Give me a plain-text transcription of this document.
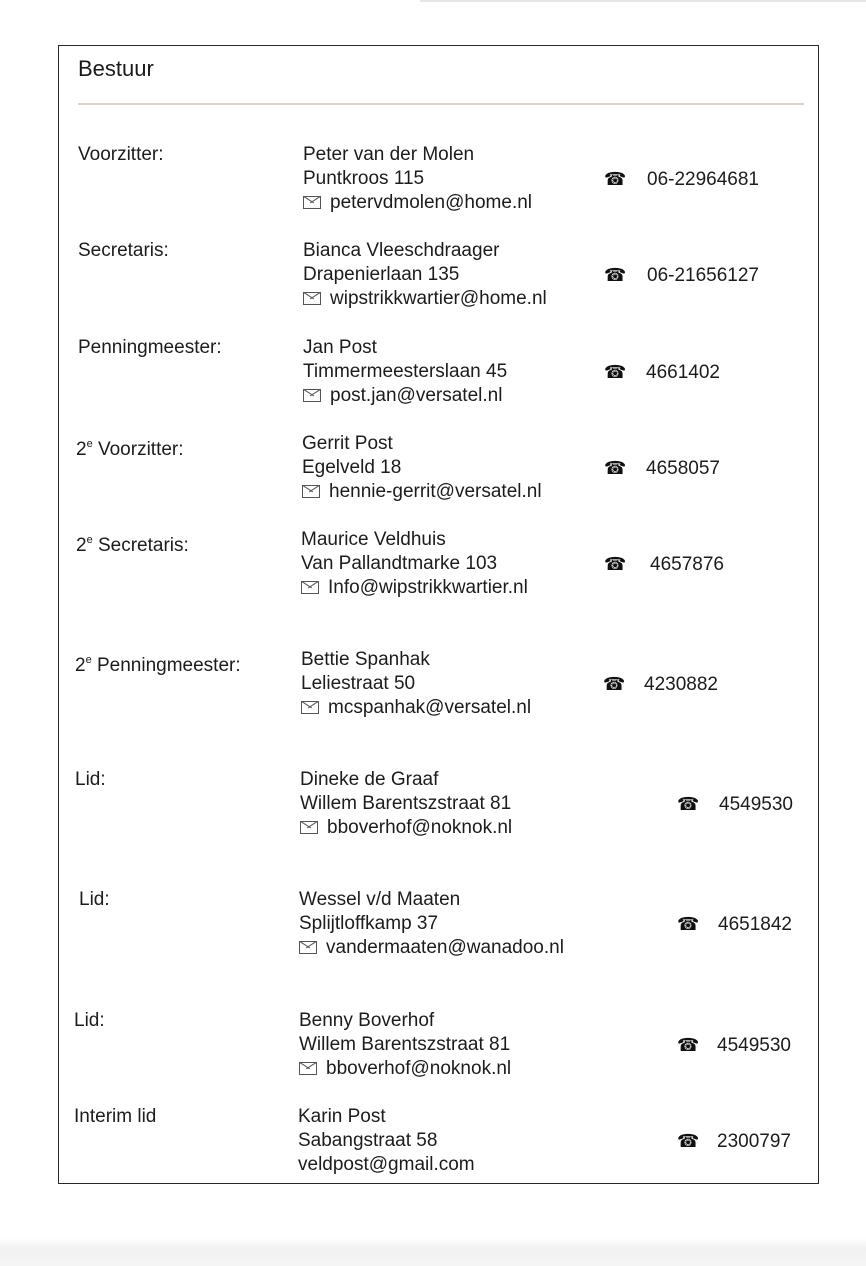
Bestuur
Voorzitter:	Peter van der Molen
Puntkroos 115
petervdmolen@home.nl
☎ 06-22964681
Secretaris:	Bianca Vleeschdraager
Drapenierlaan 135
wipstrikkwartier@home.nl
☎ 06-21656127
Penningmeester:	Jan Post
Timmermeesterslaan 45
post.jan@versatel.nl
☎ 4661402
2e Voorzitter:	Gerrit Post
Egelveld 18
hennie-gerrit@versatel.nl
☎ 4658057
2e Secretaris:	Maurice Veldhuis
Van Pallandtmarke 103
Info@wipstrikkwartier.nl
☎ 4657876
2e Penningmeester:	Bettie Spanhak
Leliestraat 50
mcspanhak@versatel.nl
☎ 4230882
Lid:	Dineke de Graaf
Willem Barentszstraat 81
bboverhof@noknok.nl
☎ 4549530
Lid:	Wessel v/d Maaten
Splijtloffkamp 37
vandermaaten@wanadoo.nl
☎ 4651842
Lid:	Benny Boverhof
Willem Barentszstraat 81
bboverhof@noknok.nl
☎ 4549530
Interim lid	Karin Post
Sabangstraat 58
veldpost@gmail.com
☎ 2300797
